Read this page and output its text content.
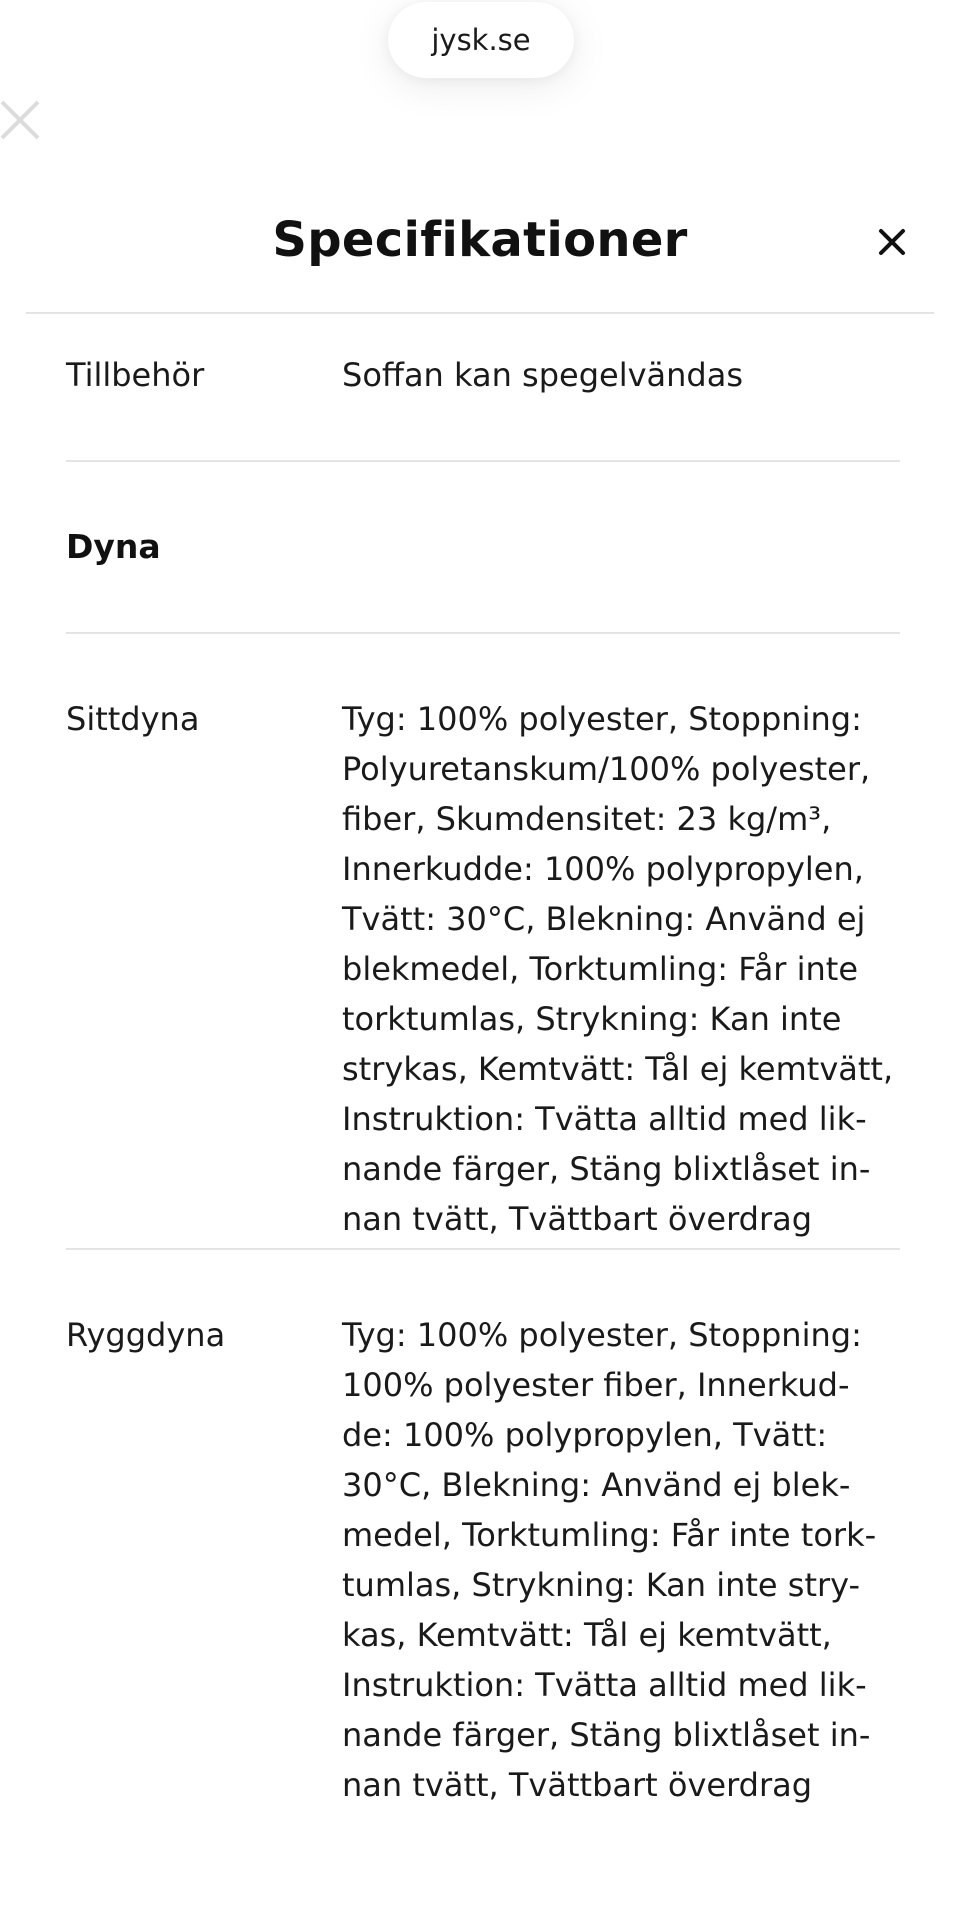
jysk.se
Specifikationer
Tillbehör	Soffan kan spegelvändas
Dyna
Sittdyna	Tyg: 100% polyester, Stoppning:
Polyuretanskum/100% polyester,
fiber, Skumdensitet: 23 kg/m³,
Innerkudde: 100% polypropylen,
Tvätt: 30°C, Blekning: Använd ej
blekmedel, Torktumling: Får inte
torktumlas, Strykning: Kan inte
strykas, Kemtvätt: Tål ej kemtvätt,
Instruktion: Tvätta alltid med lik-
nande färger, Stäng blixtlåset in-
nan tvätt, Tvättbart överdrag
Ryggdyna	Tyg: 100% polyester, Stoppning:
100% polyester fiber, Innerkud-
de: 100% polypropylen, Tvätt:
30°C, Blekning: Använd ej blek-
medel, Torktumling: Får inte tork-
tumlas, Strykning: Kan inte stry-
kas, Kemtvätt: Tål ej kemtvätt,
Instruktion: Tvätta alltid med lik-
nande färger, Stäng blixtlåset in-
nan tvätt, Tvättbart överdrag
